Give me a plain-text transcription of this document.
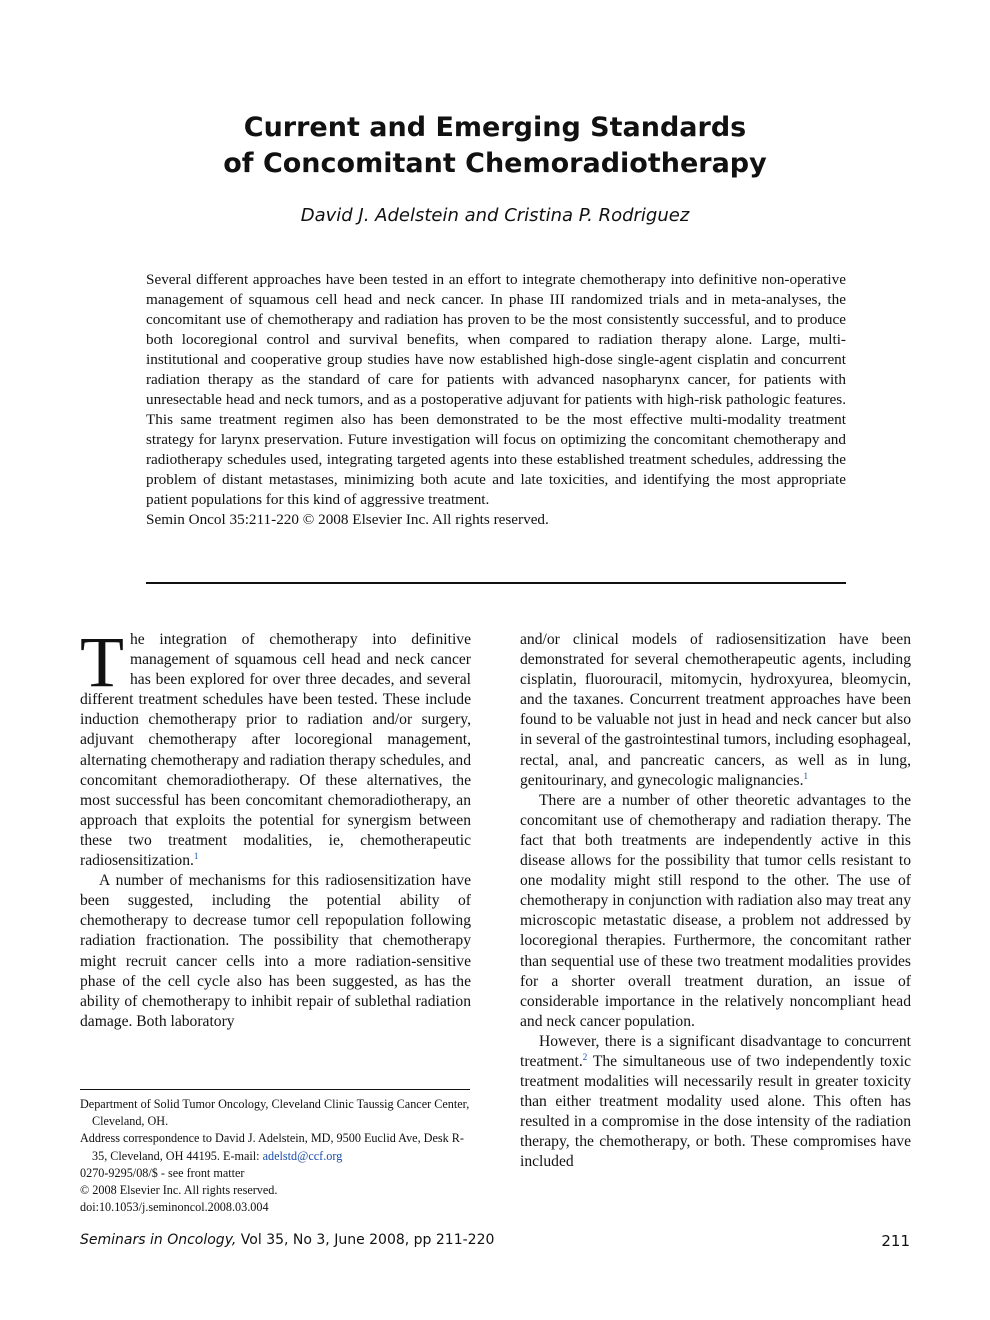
Current and Emerging Standards
of Concomitant Chemoradiotherapy

David J. Adelstein and Cristina P. Rodriguez

Several different approaches have been tested in an effort to integrate chemotherapy into definitive non-operative management of squamous cell head and neck cancer. In phase III randomized trials and in meta-analyses, the concomitant use of chemotherapy and radiation has proven to be the most consistently successful, and to produce both locoregional control and survival benefits, when compared to radiation therapy alone. Large, multi-institutional and cooperative group studies have now established high-dose single-agent cisplatin and concurrent radiation therapy as the standard of care for patients with advanced nasopharynx cancer, for patients with unresectable head and neck tumors, and as a postoperative adjuvant for patients with high-risk pathologic features. This same treatment regimen also has been demonstrated to be the most effective multi-modality treatment strategy for larynx preservation. Future investigation will focus on optimizing the concomitant chemotherapy and radiotherapy schedules used, integrating targeted agents into these established treatment schedules, addressing the problem of distant metastases, minimizing both acute and late toxicities, and identifying the most appropriate patient populations for this kind of aggressive treatment.

Semin Oncol 35:211-220 © 2008 Elsevier Inc. All rights reserved.

The integration of chemotherapy into definitive management of squamous cell head and neck cancer has been explored for over three decades, and several different treatment schedules have been tested. These include induction chemotherapy prior to radiation and/or surgery, adjuvant chemotherapy after locoregional management, alternating chemotherapy and radiation therapy schedules, and concomitant chemoradiotherapy. Of these alternatives, the most successful has been concomitant chemoradiotherapy, an approach that exploits the potential for synergism between these two treatment modalities, ie, chemotherapeutic radiosensitization.$^1$

A number of mechanisms for this radiosensitization have been suggested, including the potential ability of chemotherapy to decrease tumor cell repopulation following radiation fractionation. The possibility that chemotherapy might recruit cancer cells into a more radiation-sensitive phase of the cell cycle also has been suggested, as has the ability of chemotherapy to inhibit repair of sublethal radiation damage. Both laboratory

and/or clinical models of radiosensitization have been demonstrated for several chemotherapeutic agents, including cisplatin, fluorouracil, mitomycin, hydroxyurea, bleomycin, and the taxanes. Concurrent treatment approaches have been found to be valuable not just in head and neck cancer but also in several of the gastrointestinal tumors, including esophageal, rectal, anal, and pancreatic cancers, as well as in lung, genitourinary, and gynecologic malignancies.$^1$

There are a number of other theoretic advantages to the concomitant use of chemotherapy and radiation therapy. The fact that both treatments are independently active in this disease allows for the possibility that tumor cells resistant to one modality might still respond to the other. The use of chemotherapy in conjunction with radiation also may treat any microscopic metastatic disease, a problem not addressed by locoregional therapies. Furthermore, the concomitant rather than sequential use of these two treatment modalities provides for a shorter overall treatment duration, an issue of considerable importance in the relatively noncompliant head and neck cancer population.

However, there is a significant disadvantage to concurrent treatment.$^2$ The simultaneous use of two independently toxic treatment modalities will necessarily result in greater toxicity than either treatment modality used alone. This often has resulted in a compromise in the dose intensity of the radiation therapy, the chemotherapy, or both. These compromises have included

Department of Solid Tumor Oncology, Cleveland Clinic Taussig Cancer Center, Cleveland, OH.
Address correspondence to David J. Adelstein, MD, 9500 Euclid Ave, Desk R-35, Cleveland, OH 44195. E-mail: adelstd@ccf.org
0270-9295/08/$ - see front matter
© 2008 Elsevier Inc. All rights reserved.
doi:10.1053/j.seminoncol.2008.03.004
Seminars in Oncology, Vol 35, No 3, June 2008, pp 211-220	211
